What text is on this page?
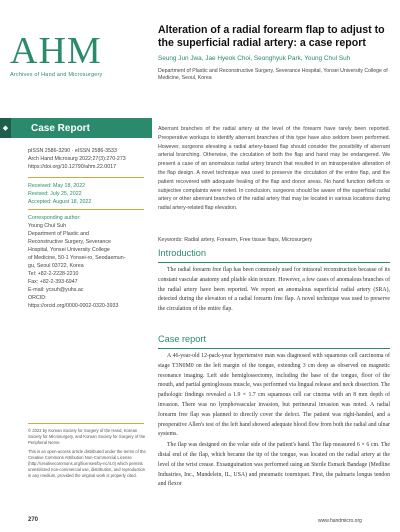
AHM
Archives of Hand and Microsurgery
◆	Case Report
pISSN 2586-3290 · eISSN 2586-3533
Arch Hand Microsurg 2022;27(3):270-273
https://doi.org/10.12790/ahm.22.0017
Received: May 18, 2022
Revised: July 25, 2022
Accepted: August 18, 2022
Corresponding author:
Young Chul Suh
Department of Plastic and
Reconstructive Surgery, Severance
Hospital, Yonsei University College
of Medicine, 50-1 Yonsei-ro, Seodaemun-
gu, Seoul 03722, Korea
Tel: +82-2-2228-2210
Fax: +82-2-393-6947
E-mail: ycsuh@yuhs.ac
ORCID:
https://orcid.org/0000-0002-0320-3933

© 2022 by Korean Society for Surgery of the Hand, Korean Society for Microsurgery, and Korean Society for Surgery of the Peripheral Nerve.

This is an open-access article distributed under the terms of the Creative Commons Attribution Non-Commercial License (http://creativecommons.org/licenses/by-nc/4.0) which permits unrestricted non-commercial use, distribution, and reproduction in any medium, provided the original work is properly cited.

270
Alteration of a radial forearm flap to adjust to the superficial radial artery: a case report
Seung Jun Jwa, Jae Hyeok Choi, Seonghyuk Park, Young Chul Suh
Department of Plastic and Reconstructive Surgery, Severance Hospital, Yonsei University College of Medicine, Seoul, Korea
Aberrant branches of the radial artery at the level of the forearm have rarely been reported. Preoperative workups to identify aberrant branches of this type have also seldom been performed. However, surgeons elevating a radial artery-based flap should consider the possibility of aberrant arterial branching. Otherwise, the circulation of both the flap and hand may be endangered. We present a case of an anomalous radial artery branch that resulted in an intraoperative alteration of the flap design. A novel technique was used to preserve the circulation of the entire flap, and the patient recovered with adequate healing of the flap and donor areas. No hand function deficits or subjective complaints were noted. In conclusion, surgeons should be aware of the superficial radial artery or other aberrant branches of the radial artery that may be located in various locations during radial artery-related flap elevation.
Keywords: Radial artery, Forearm, Free tissue flaps, Microsurgery
Introduction

The radial forearm free flap has been commonly used for intraoral reconstruction because of its constant vascular anatomy and pliable skin texture. However, a few cases of anomalous branches of the radial artery have been reported. We report an anomalous superficial radial artery (SRA), detected during the elevation of a radial forearm free flap. A novel technique was used to preserve the circulation of the entire flap.

Case report

A 46-year-old 12-pack-year hypertensive man was diagnosed with squamous cell carcinoma of stage T3N0M0 on the left margin of the tongue, extending 3 cm deep as observed on magnetic resonance imaging. Left side hemiglossectomy, including the base of the tongue, floor of the mouth, and partial genioglossus muscle, was performed via lingual release and neck dissection. The pathologic findings revealed a 1.9 × 1.7 cm squamous cell car cinoma with an 8 mm depth of invasion. There was no lymphovascular invasion, but perineural invasion was noted. A radial forearm free flap was planned to directly cover the defect. The patient was right-handed, and a preoperative Allen's test of the left hand showed adequate blood flow from both the radial and ulnar systems.

The flap was designed on the volar side of the patient's hand. The flap measured 6 × 6 cm. The distal end of the flap, which became the tip of the tongue, was located on the radial artery at the level of the wrist crease. Exsanguination was performed using an Sterile Esmark Bandage (Medline Industries, Inc., Mundelein, IL, USA) and pneumatic tourniquet. First, the palmaris longus tendon and flexor

www.handmicro.org
